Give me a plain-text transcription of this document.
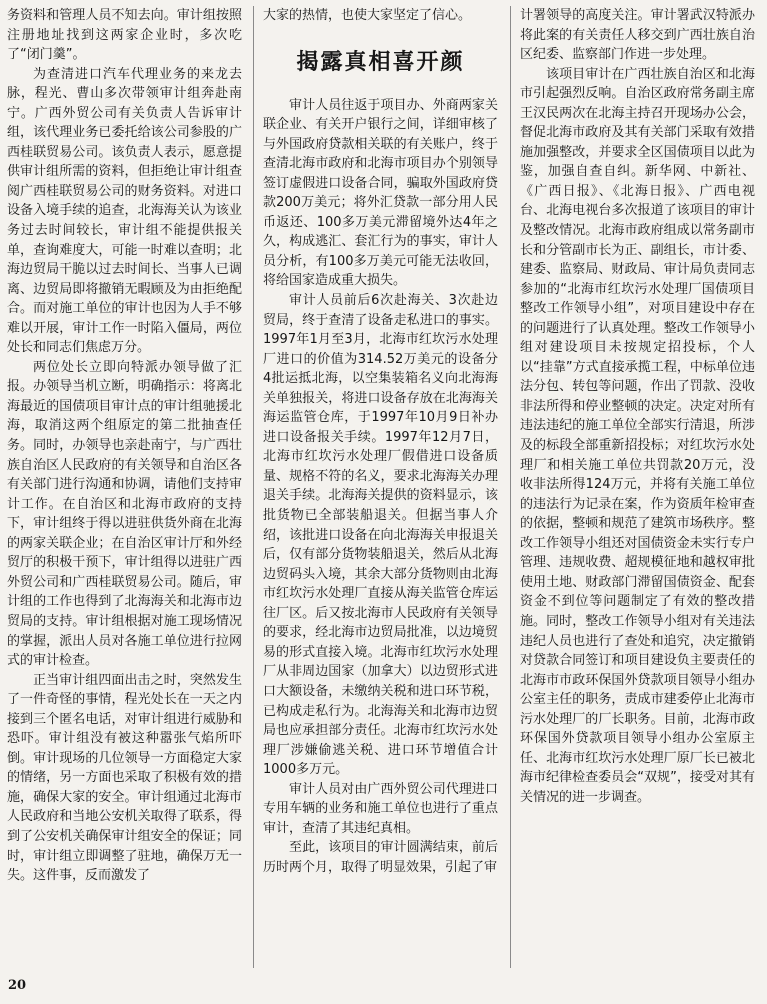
务资料和管理人员不知去向。审计组按照注册地址找到这两家企业时，多次吃了“闭门羹”。

为查清进口汽车代理业务的来龙去脉，程光、曹山多次带领审计组奔赴南宁。广西外贸公司有关负责人告诉审计组，该代理业务已委托给该公司参股的广西桂联贸易公司。该负责人表示，愿意提供审计组所需的资料，但拒绝让审计组查阅广西桂联贸易公司的财务资料。对进口设备入境手续的追查，北海海关认为该业务过去时间较长，审计组不能提供报关单，查询难度大，可能一时难以查明；北海边贸局干脆以过去时间长、当事人已调离、边贸局即将撤销无暇顾及为由拒绝配合。而对施工单位的审计也因为人手不够难以开展，审计工作一时陷入僵局，两位处长和同志们焦虑万分。

两位处长立即向特派办领导做了汇报。办领导当机立断，明确指示：将离北海最近的国债项目审计点的审计组驰援北海，取消这两个组原定的第二批抽查任务。同时，办领导也亲赴南宁，与广西壮族自治区人民政府的有关领导和自治区各有关部门进行沟通和协调，请他们支持审计工作。在自治区和北海市政府的支持下，审计组终于得以进驻供货外商在北海的两家关联企业；在自治区审计厅和外经贸厅的积极干预下，审计组得以进驻广西外贸公司和广西桂联贸易公司。随后，审计组的工作也得到了北海海关和北海市边贸局的支持。审计组根据对施工现场情况的掌握，派出人员对各施工单位进行拉网式的审计检查。

正当审计组四面出击之时，突然发生了一件奇怪的事情，程光处长在一天之内接到三个匿名电话，对审计组进行威胁和恐吓。审计组没有被这种嚣张气焰所吓倒。审计现场的几位领导一方面稳定大家的情绪，另一方面也采取了积极有效的措施，确保大家的安全。审计组通过北海市人民政府和当地公安机关取得了联系，得到了公安机关确保审计组安全的保证；同时，审计组立即调整了驻地，确保万无一失。这件事，反而激发了

大家的热情，也使大家坚定了信心。

揭露真相喜开颜

审计人员往返于项目办、外商两家关联企业、有关开户银行之间，详细审核了与外国政府贷款相关联的有关账户，终于查清北海市政府和北海市项目办个别领导签订虚假进口设备合同，骗取外国政府贷款200万美元；将外汇贷款一部分用人民币返还、100多万美元滞留境外达4年之久，构成逃汇、套汇行为的事实，审计人员分析，有100多万美元可能无法收回，将给国家造成重大损失。

审计人员前后6次赴海关、3次赴边贸局，终于查清了设备走私进口的事实。1997年1月至3月，北海市红坎污水处理厂进口的价值为314.52万美元的设备分4批运抵北海，以空集装箱名义向北海海关单独报关，将进口设备存放在北海海关海运监管仓库，于1997年10月9日补办进口设备报关手续。1997年12月7日，北海市红坎污水处理厂假借进口设备质量、规格不符的名义，要求北海海关办理退关手续。北海海关提供的资料显示，该批货物已全部装船退关。但据当事人介绍，该批进口设备在向北海海关申报退关后，仅有部分货物装船退关，然后从北海边贸码头入境，其余大部分货物则由北海市红坎污水处理厂直接从海关监管仓库运往厂区。后又按北海市人民政府有关领导的要求，经北海市边贸局批准，以边境贸易的形式直接入境。北海市红坎污水处理厂从非周边国家（加拿大）以边贸形式进口大额设备，未缴纳关税和进口环节税，已构成走私行为。北海海关和北海市边贸局也应承担部分责任。北海市红坎污水处理厂涉嫌偷逃关税、进口环节增值合计1000多万元。

审计人员对由广西外贸公司代理进口专用车辆的业务和施工单位也进行了重点审计，查清了其违纪真相。

至此，该项目的审计圆满结束，前后历时两个月，取得了明显效果，引起了审

计署领导的高度关注。审计署武汉特派办将此案的有关责任人移交到广西壮族自治区纪委、监察部门作进一步处理。

该项目审计在广西壮族自治区和北海市引起强烈反响。自治区政府常务副主席王汉民两次在北海主持召开现场办公会，督促北海市政府及其有关部门采取有效措施加强整改，并要求全区国债项目以此为鉴，加强自查自纠。新华网、中新社、《广西日报》、《北海日报》、广西电视台、北海电视台多次报道了该项目的审计及整改情况。北海市政府组成以常务副市长和分管副市长为正、副组长，市计委、建委、监察局、财政局、审计局负责同志参加的“北海市红坎污水处理厂国债项目整改工作领导小组”，对项目建设中存在的问题进行了认真处理。整改工作领导小组对建设项目未按规定招投标，个人以“挂靠”方式直接承揽工程，中标单位违法分包、转包等问题，作出了罚款、没收非法所得和停业整顿的决定。决定对所有违法违纪的施工单位全部实行清退，所涉及的标段全部重新招投标；对红坎污水处理厂和相关施工单位共罚款20万元，没收非法所得124万元，并将有关施工单位的违法行为记录在案，作为资质年检审查的依据，整顿和规范了建筑市场秩序。整改工作领导小组还对国债资金未实行专户管理、违规收费、超规模征地和越权审批使用土地、财政部门滞留国债资金、配套资金不到位等问题制定了有效的整改措施。同时，整改工作领导小组对有关违法违纪人员也进行了查处和追究，决定撤销对贷款合同签订和项目建设负主要责任的北海市市政环保国外贷款项目领导小组办公室主任的职务，责成市建委停止北海市污水处理厂的厂长职务。目前，北海市政环保国外贷款项目领导小组办公室原主任、北海市红坎污水处理厂原厂长已被北海市纪律检查委员会“双规”，接受对其有关情况的进一步调查。

20
